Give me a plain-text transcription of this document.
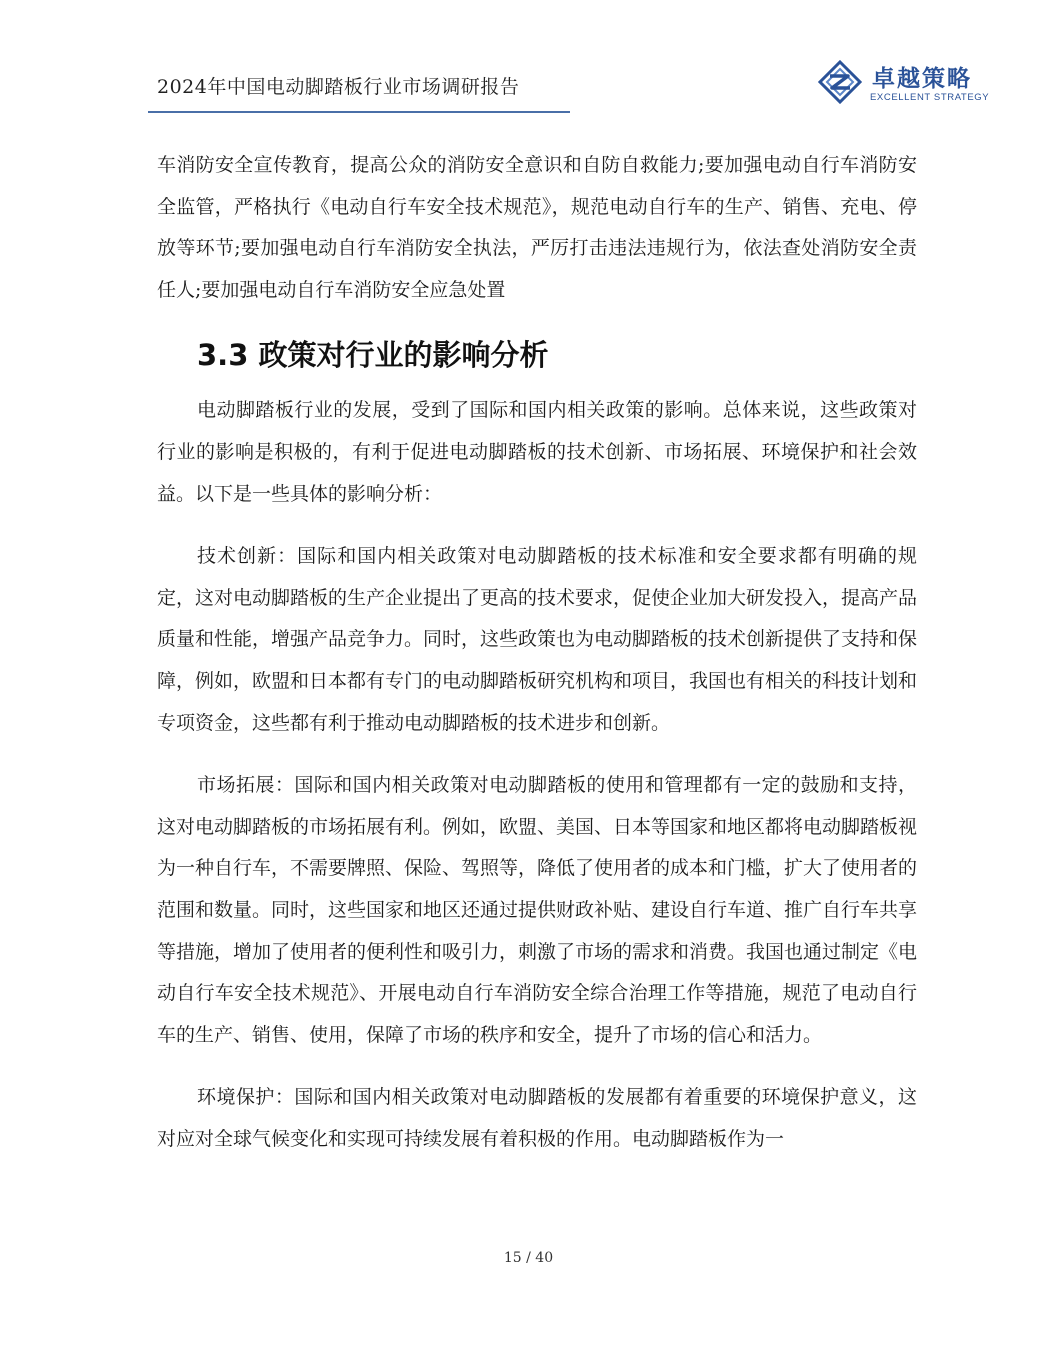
2024年中国电动脚踏板行业市场调研报告	卓越策略
EXCELLENT STRATEGY

车消防安全宣传教育，提高公众的消防安全意识和自防自救能力;要加强电动自行车消防安全监管，严格执行《电动自行车安全技术规范》，规范电动自行车的生产、销售、充电、停放等环节;要加强电动自行车消防安全执法，严厉打击违法违规行为，依法查处消防安全责任人;要加强电动自行车消防安全应急处置

3.3 政策对行业的影响分析

电动脚踏板行业的发展，受到了国际和国内相关政策的影响。总体来说，这些政策对行业的影响是积极的，有利于促进电动脚踏板的技术创新、市场拓展、环境保护和社会效益。以下是一些具体的影响分析：

技术创新：国际和国内相关政策对电动脚踏板的技术标准和安全要求都有明确的规定，这对电动脚踏板的生产企业提出了更高的技术要求，促使企业加大研发投入，提高产品质量和性能，增强产品竞争力。同时，这些政策也为电动脚踏板的技术创新提供了支持和保障，例如，欧盟和日本都有专门的电动脚踏板研究机构和项目，我国也有相关的科技计划和专项资金，这些都有利于推动电动脚踏板的技术进步和创新。

市场拓展：国际和国内相关政策对电动脚踏板的使用和管理都有一定的鼓励和支持，这对电动脚踏板的市场拓展有利。例如，欧盟、美国、日本等国家和地区都将电动脚踏板视为一种自行车，不需要牌照、保险、驾照等，降低了使用者的成本和门槛，扩大了使用者的范围和数量。同时，这些国家和地区还通过提供财政补贴、建设自行车道、推广自行车共享等措施，增加了使用者的便利性和吸引力，刺激了市场的需求和消费。我国也通过制定《电动自行车安全技术规范》、开展电动自行车消防安全综合治理工作等措施，规范了电动自行车的生产、销售、使用，保障了市场的秩序和安全，提升了市场的信心和活力。

环境保护：国际和国内相关政策对电动脚踏板的发展都有着重要的环境保护意义，这对应对全球气候变化和实现可持续发展有着积极的作用。电动脚踏板作为一

15 / 40
